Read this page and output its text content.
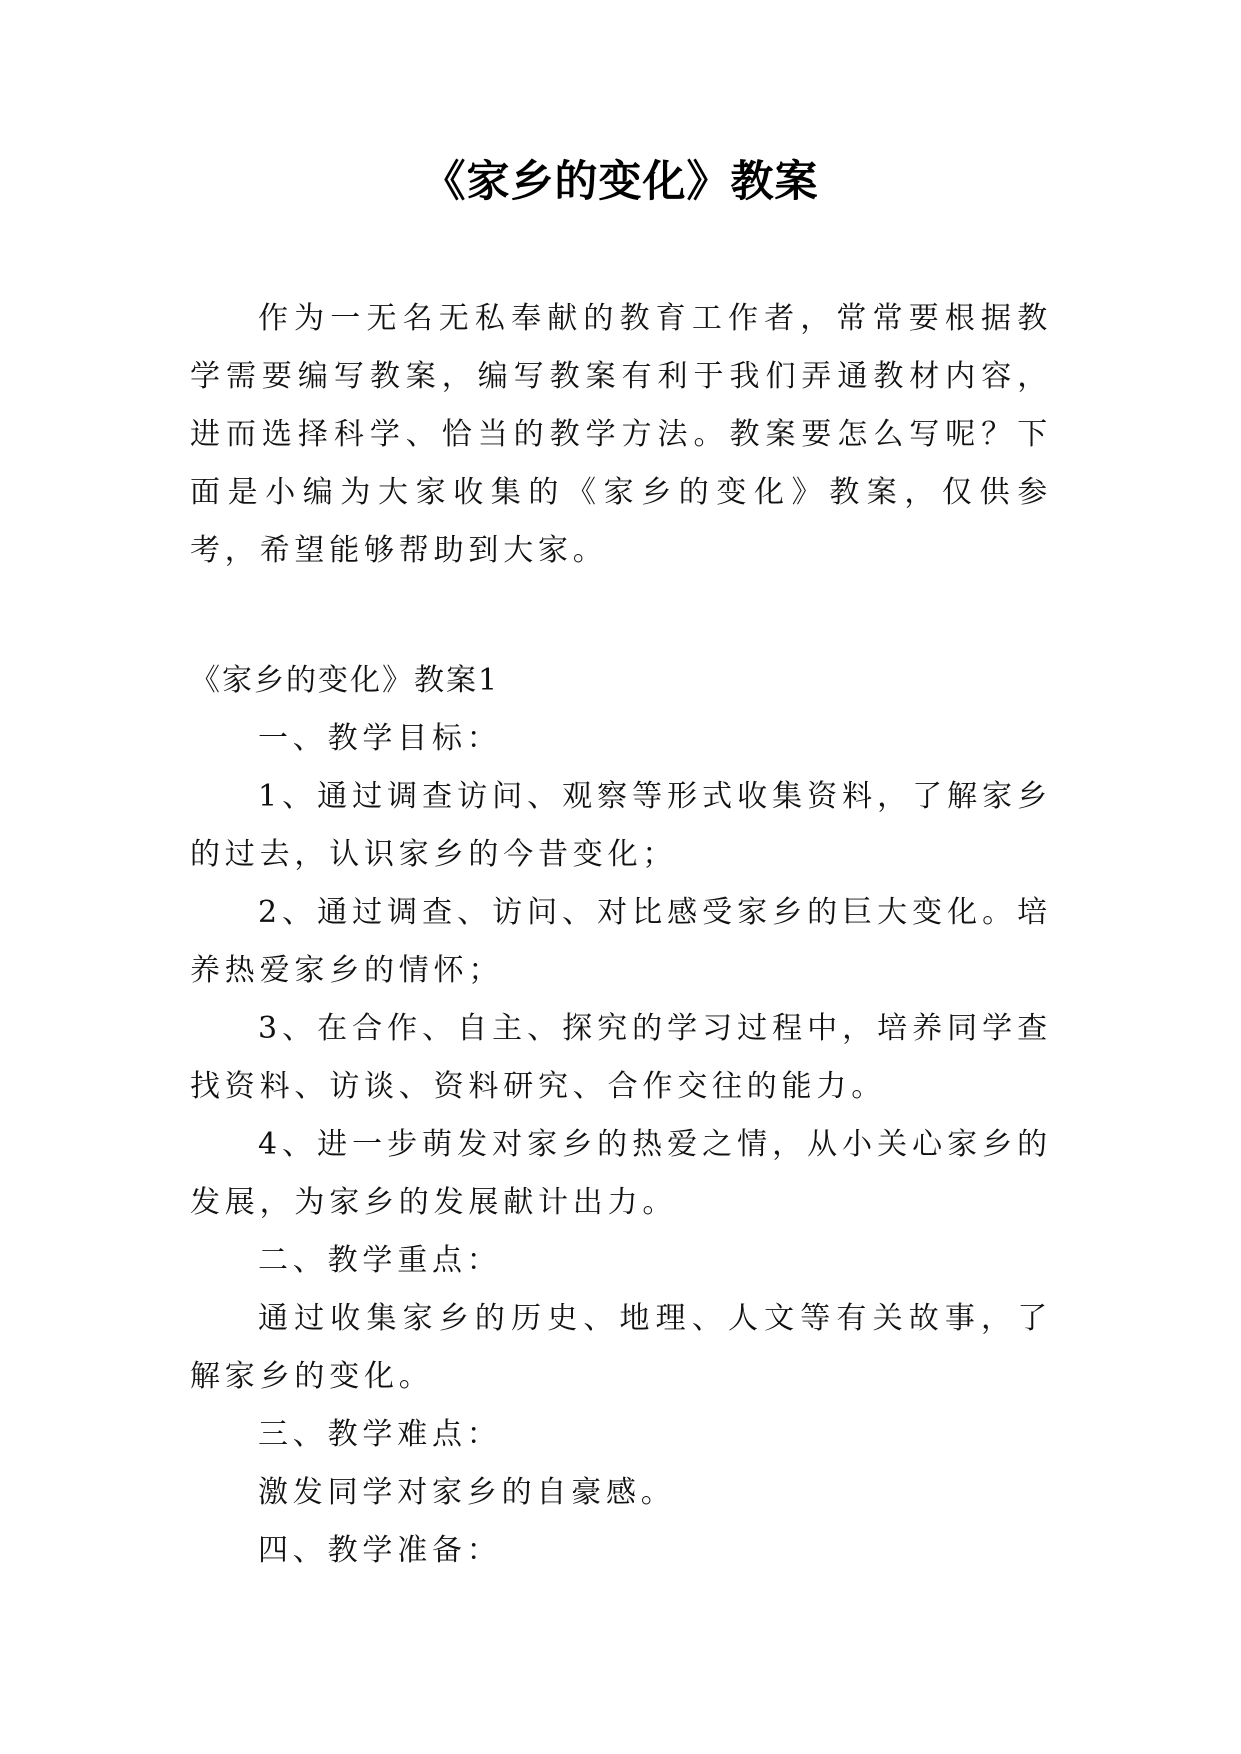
《家乡的变化》教案

作为一无名无私奉献的教育工作者，常常要根据教学需要编写教案，编写教案有利于我们弄通教材内容，进而选择科学、恰当的教学方法。教案要怎么写呢？下面是小编为大家收集的《家乡的变化》教案，仅供参考，希望能够帮助到大家。

《家乡的变化》教案1

一、教学目标：

1、通过调查访问、观察等形式收集资料，了解家乡的过去，认识家乡的今昔变化；

2、通过调查、访问、对比感受家乡的巨大变化。培养热爱家乡的情怀；

3、在合作、自主、探究的学习过程中，培养同学查找资料、访谈、资料研究、合作交往的能力。

4、进一步萌发对家乡的热爱之情，从小关心家乡的发展，为家乡的发展献计出力。

二、教学重点：

通过收集家乡的历史、地理、人文等有关故事，了解家乡的变化。

三、教学难点：

激发同学对家乡的自豪感。

四、教学准备：
